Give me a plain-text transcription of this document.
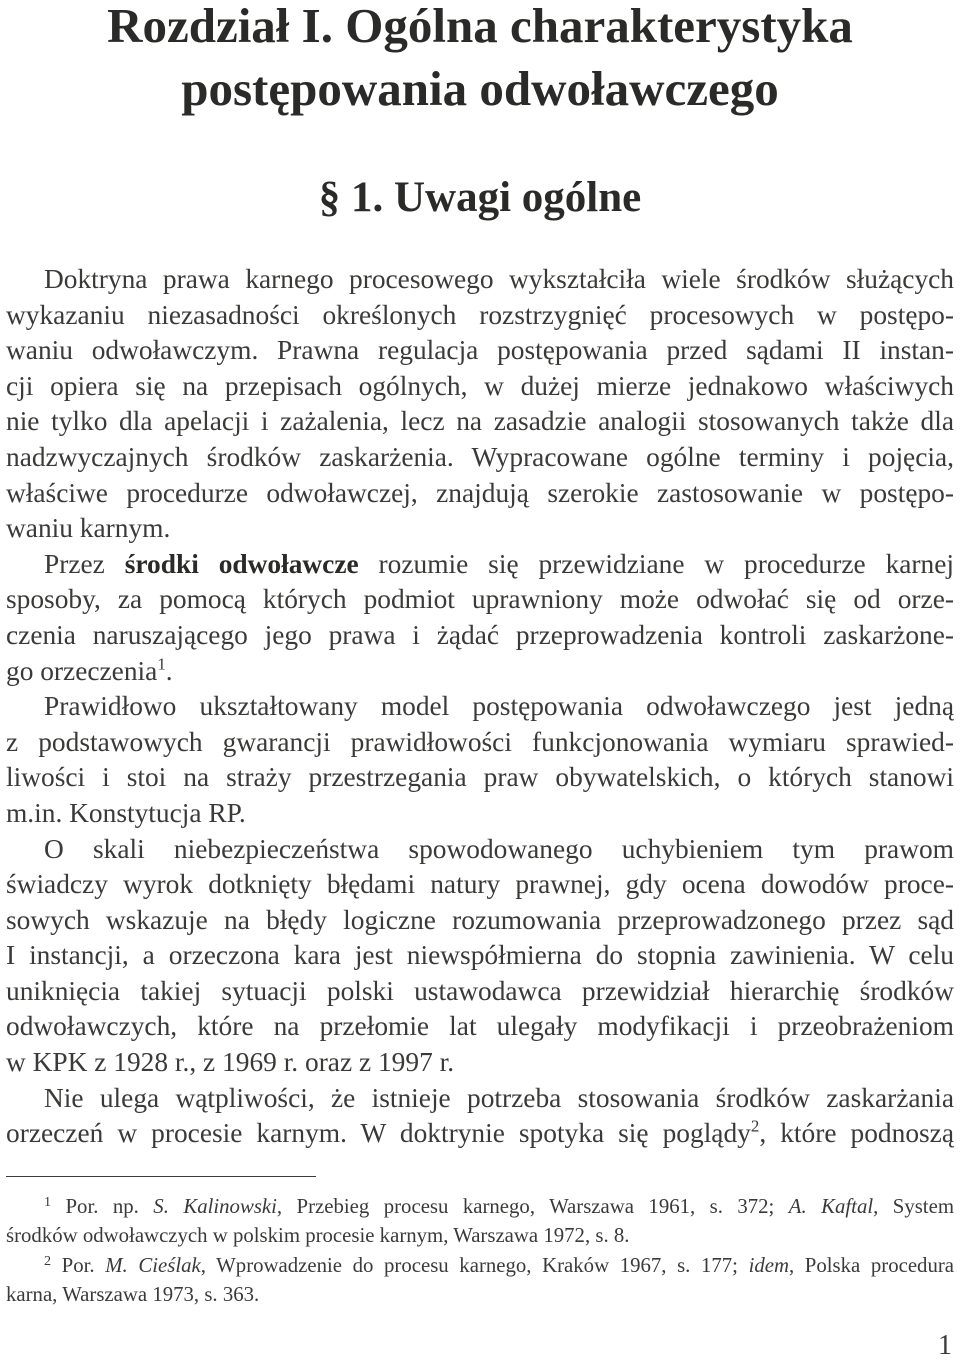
Rozdział I. Ogólna charakterystyka
postępowania odwoławczego
§ 1. Uwagi ogólne
Doktryna prawa karnego procesowego wykształciła wiele środków służących
wykazaniu niezasadności określonych rozstrzygnięć procesowych w postępo-
waniu odwoławczym. Prawna regulacja postępowania przed sądami II instan-
cji opiera się na przepisach ogólnych, w dużej mierze jednakowo właściwych
nie tylko dla apelacji i zażalenia, lecz na zasadzie analogii stosowanych także dla
nadzwyczajnych środków zaskarżenia. Wypracowane ogólne terminy i pojęcia,
właściwe procedurze odwoławczej, znajdują szerokie zastosowanie w postępo-
waniu karnym.
Przez środki odwoławcze rozumie się przewidziane w procedurze karnej
sposoby, za pomocą których podmiot uprawniony może odwołać się od orze-
czenia naruszającego jego prawa i żądać przeprowadzenia kontroli zaskarżone-
go orzeczenia$^1$.
Prawidłowo ukształtowany model postępowania odwoławczego jest jedną
z podstawowych gwarancji prawidłowości funkcjonowania wymiaru sprawied-
liwości i stoi na straży przestrzegania praw obywatelskich, o których stanowi
m.in. Konstytucja RP.
O skali niebezpieczeństwa spowodowanego uchybieniem tym prawom
świadczy wyrok dotknięty błędami natury prawnej, gdy ocena dowodów proce-
sowych wskazuje na błędy logiczne rozumowania przeprowadzonego przez sąd
I instancji, a orzeczona kara jest niewspółmierna do stopnia zawinienia. W celu
uniknięcia takiej sytuacji polski ustawodawca przewidział hierarchię środków
odwoławczych, które na przełomie lat ulegały modyfikacji i przeobrażeniom
w KPK z 1928 r., z 1969 r. oraz z 1997 r.
Nie ulega wątpliwości, że istnieje potrzeba stosowania środków zaskarżania
orzeczeń w procesie karnym. W doktrynie spotyka się poglądy$^2$, które podnoszą
$^1$ Por. np. S. Kalinowski, Przebieg procesu karnego, Warszawa 1961, s. 372; A. Kaftal, System
środków odwoławczych w polskim procesie karnym, Warszawa 1972, s. 8.
$^2$ Por. M. Cieślak, Wprowadzenie do procesu karnego, Kraków 1967, s. 177; idem, Polska procedura
karna, Warszawa 1973, s. 363.
1
